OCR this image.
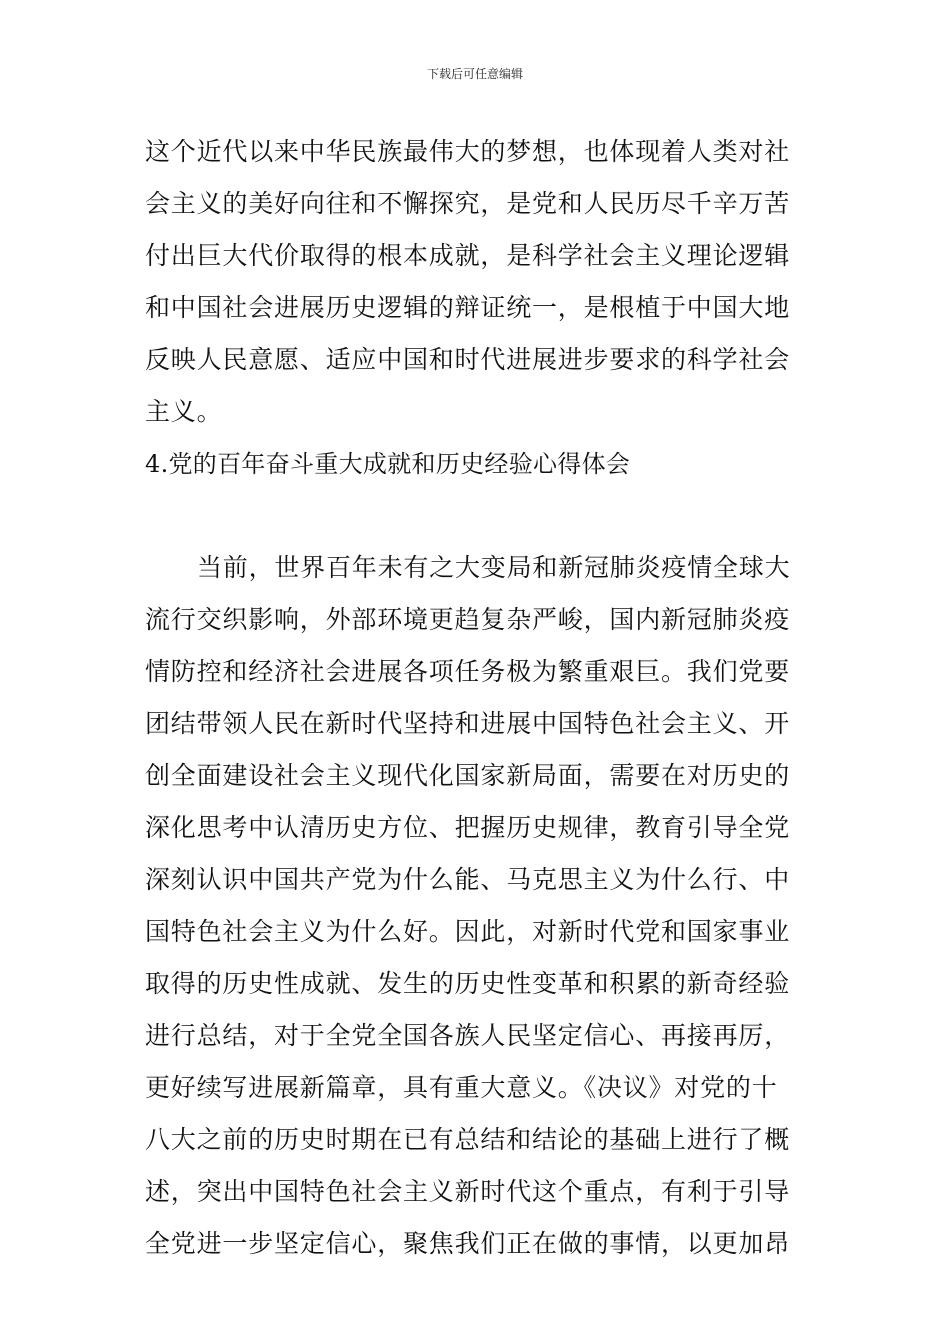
下载后可任意编辑
这个近代以来中华民族最伟大的梦想，也体现着人类对社
会主义的美好向往和不懈探究，是党和人民历尽千辛万苦
付出巨大代价取得的根本成就，是科学社会主义理论逻辑
和中国社会进展历史逻辑的辩证统一，是根植于中国大地
反映人民意愿、适应中国和时代进展进步要求的科学社会
主义。
4.党的百年奋斗重大成就和历史经验心得体会
当前，世界百年未有之大变局和新冠肺炎疫情全球大
流行交织影响，外部环境更趋复杂严峻，国内新冠肺炎疫
情防控和经济社会进展各项任务极为繁重艰巨。我们党要
团结带领人民在新时代坚持和进展中国特色社会主义、开
创全面建设社会主义现代化国家新局面，需要在对历史的
深化思考中认清历史方位、把握历史规律，教育引导全党
深刻认识中国共产党为什么能、马克思主义为什么行、中
国特色社会主义为什么好。因此，对新时代党和国家事业
取得的历史性成就、发生的历史性变革和积累的新奇经验
进行总结，对于全党全国各族人民坚定信心、再接再厉，
更好续写进展新篇章，具有重大意义。《决议》对党的十
八大之前的历史时期在已有总结和结论的基础上进行了概
述，突出中国特色社会主义新时代这个重点，有利于引导
全党进一步坚定信心，聚焦我们正在做的事情，以更加昂
